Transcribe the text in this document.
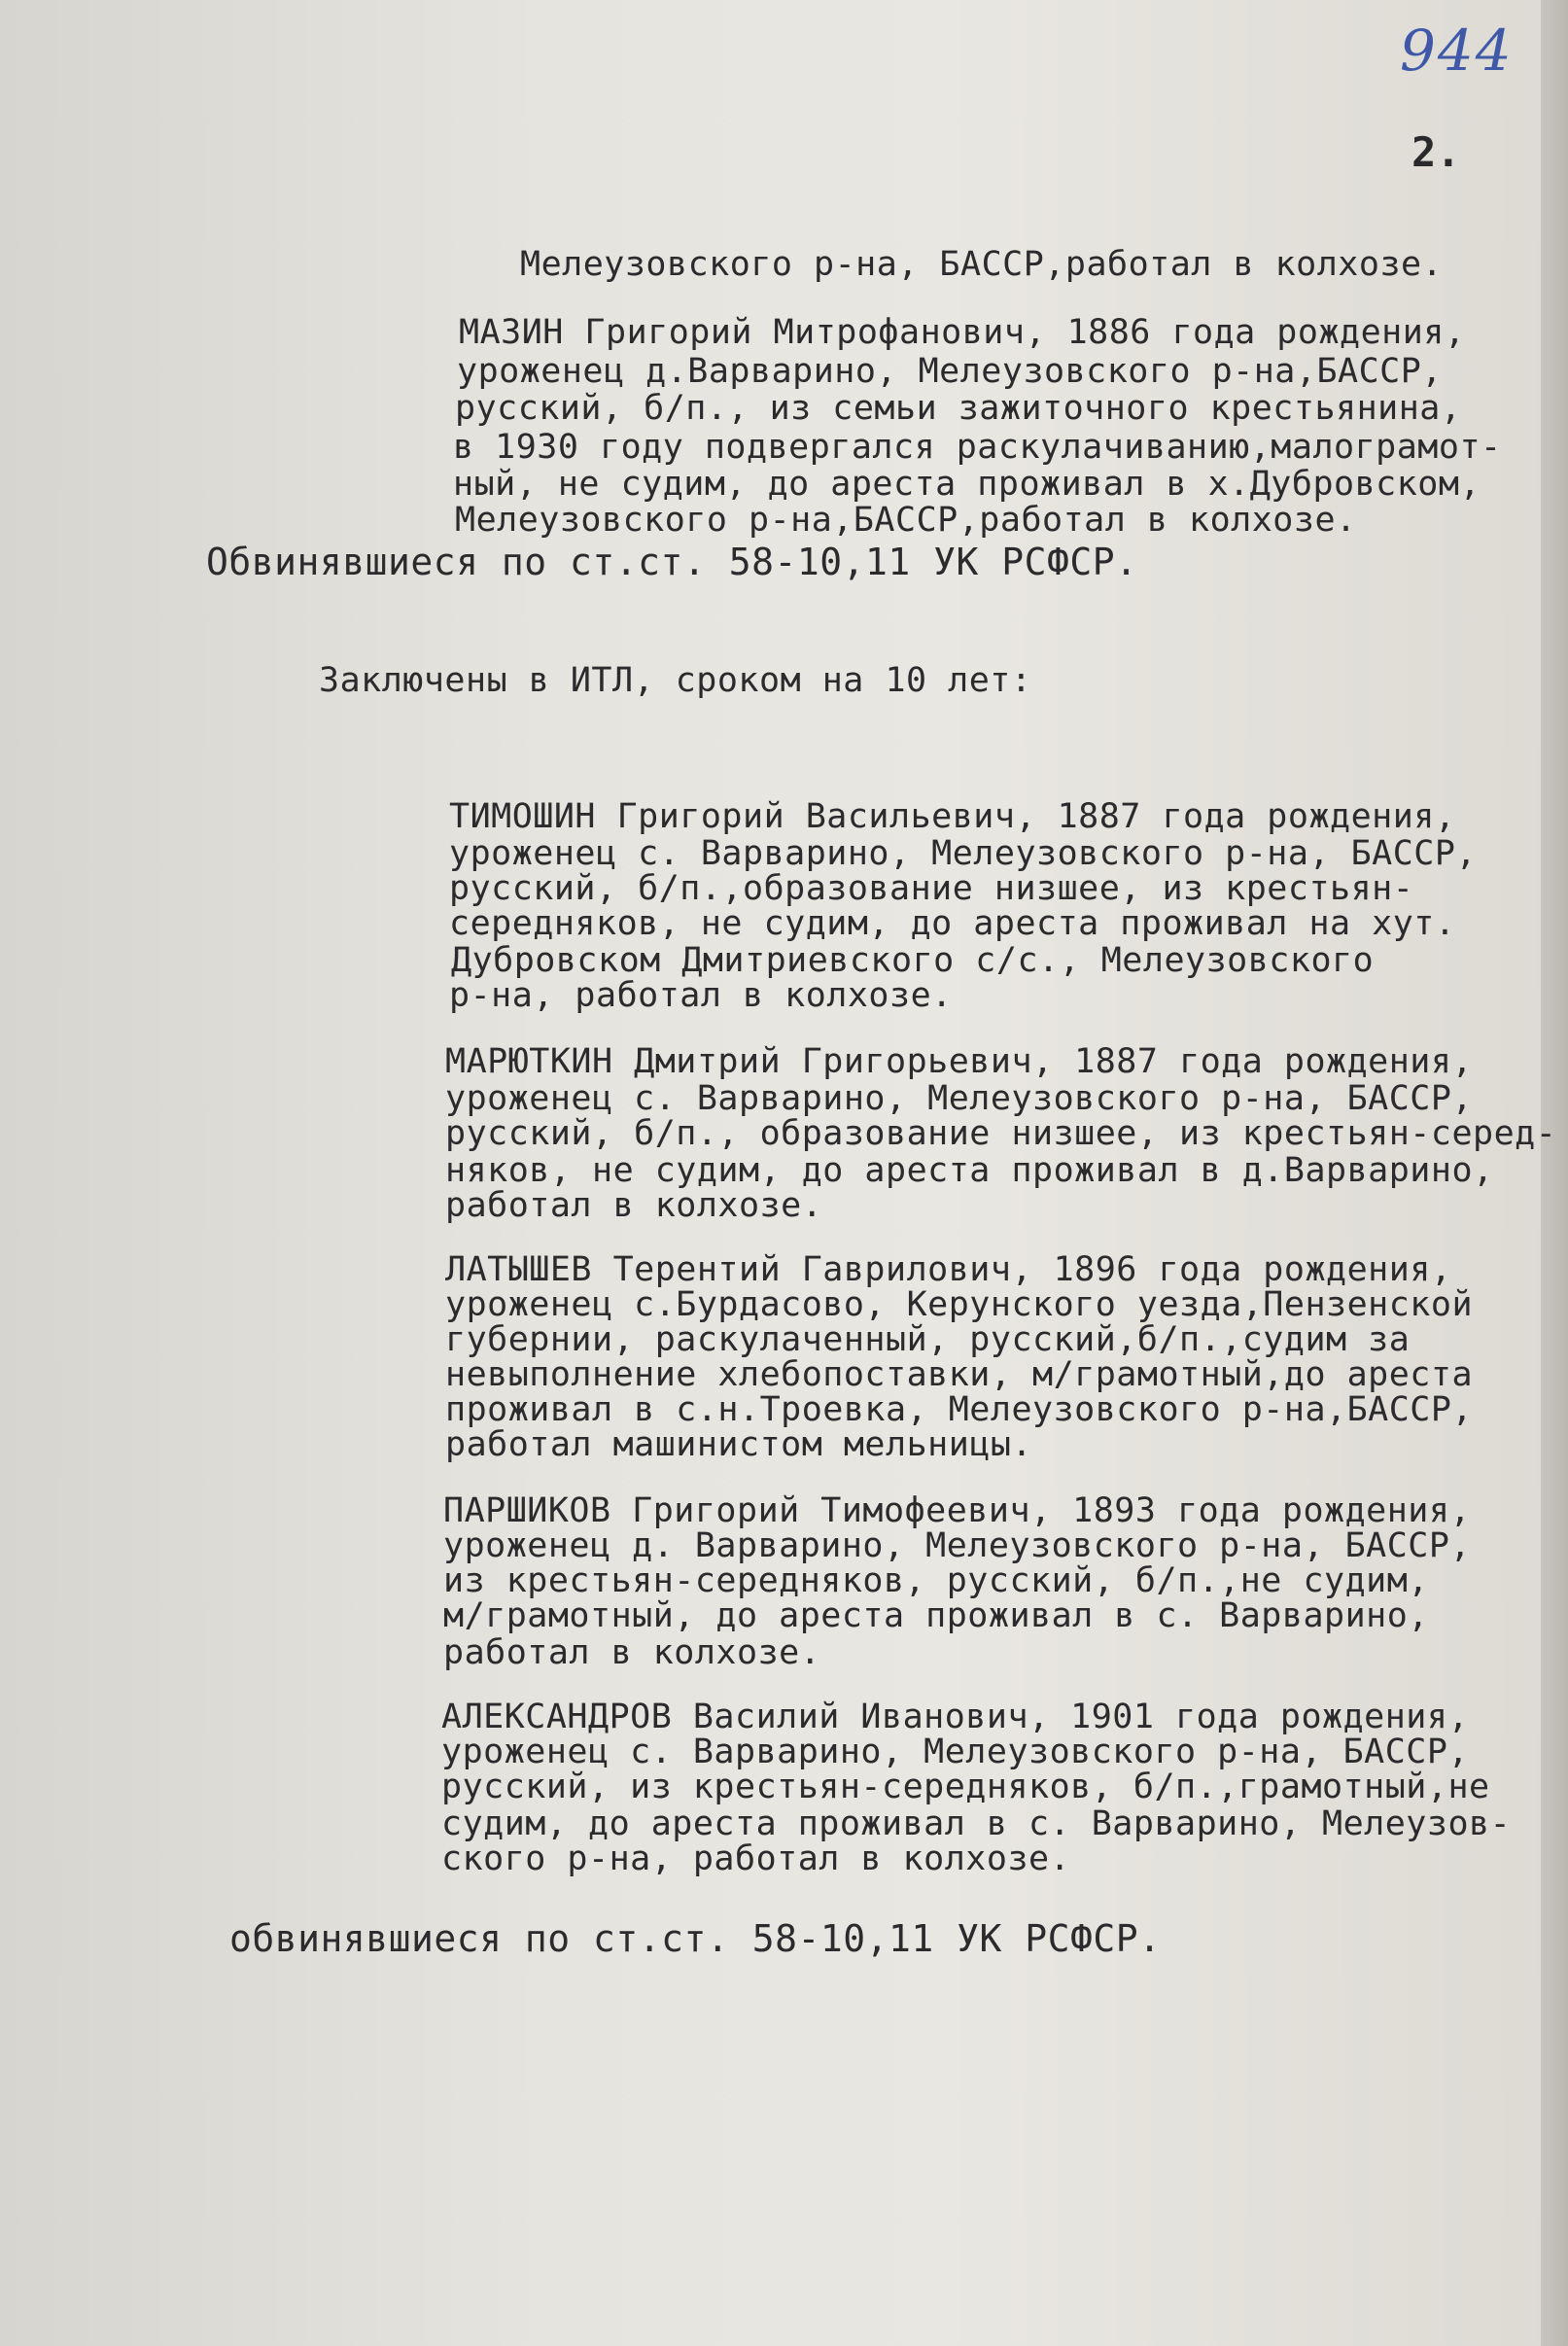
944
2.

Мелеузовского р-на, БАССР,работал в колхозе.

МАЗИН Григорий Митрофанович, 1886 года рождения,

уроженец д.Варварино, Мелеузовского р-на,БАССР,

русский, б/п., из семьи зажиточного крестьянина,

в 1930 году подвергался раскулачиванию,малограмот-

ный, не судим, до ареста проживал в х.Дубровском,

Мелеузовского р-на,БАССР,работал в колхозе.

Обвинявшиеся по ст.ст. 58-10,11 УК РСФСР.

Заключены в ИТЛ, сроком на 10 лет:

ТИМОШИН Григорий Васильевич, 1887 года рождения,

уроженец с. Варварино, Мелеузовского р-на, БАССР,

русский, б/п.,образование низшее, из крестьян-

середняков, не судим, до ареста проживал на хут.

Дубровском Дмитриевского с/с., Мелеузовского

р-на, работал в колхозе.

МАРЮТКИН Дмитрий Григорьевич, 1887 года рождения,

уроженец с. Варварино, Мелеузовского р-на, БАССР,

русский, б/п., образование низшее, из крестьян-серед-

няков, не судим, до ареста проживал в д.Варварино,

работал в колхозе.

ЛАТЫШЕВ Терентий Гаврилович, 1896 года рождения,

уроженец с.Бурдасово, Керунского уезда,Пензенской

губернии, раскулаченный, русский,б/п.,судим за

невыполнение хлебопоставки, м/грамотный,до ареста

проживал в с.н.Троевка, Мелеузовского р-на,БАССР,

работал машинистом мельницы.

ПАРШИКОВ Григорий Тимофеевич, 1893 года рождения,

уроженец д. Варварино, Мелеузовского р-на, БАССР,

из крестьян-середняков, русский, б/п.,не судим,

м/грамотный, до ареста проживал в с. Варварино,

работал в колхозе.

АЛЕКСАНДРОВ Василий Иванович, 1901 года рождения,

уроженец с. Варварино, Мелеузовского р-на, БАССР,

русский, из крестьян-середняков, б/п.,грамотный,не

судим, до ареста проживал в с. Варварино, Мелеузов-

ского р-на, работал в колхозе.

обвинявшиеся по ст.ст. 58-10,11 УК РСФСР.
